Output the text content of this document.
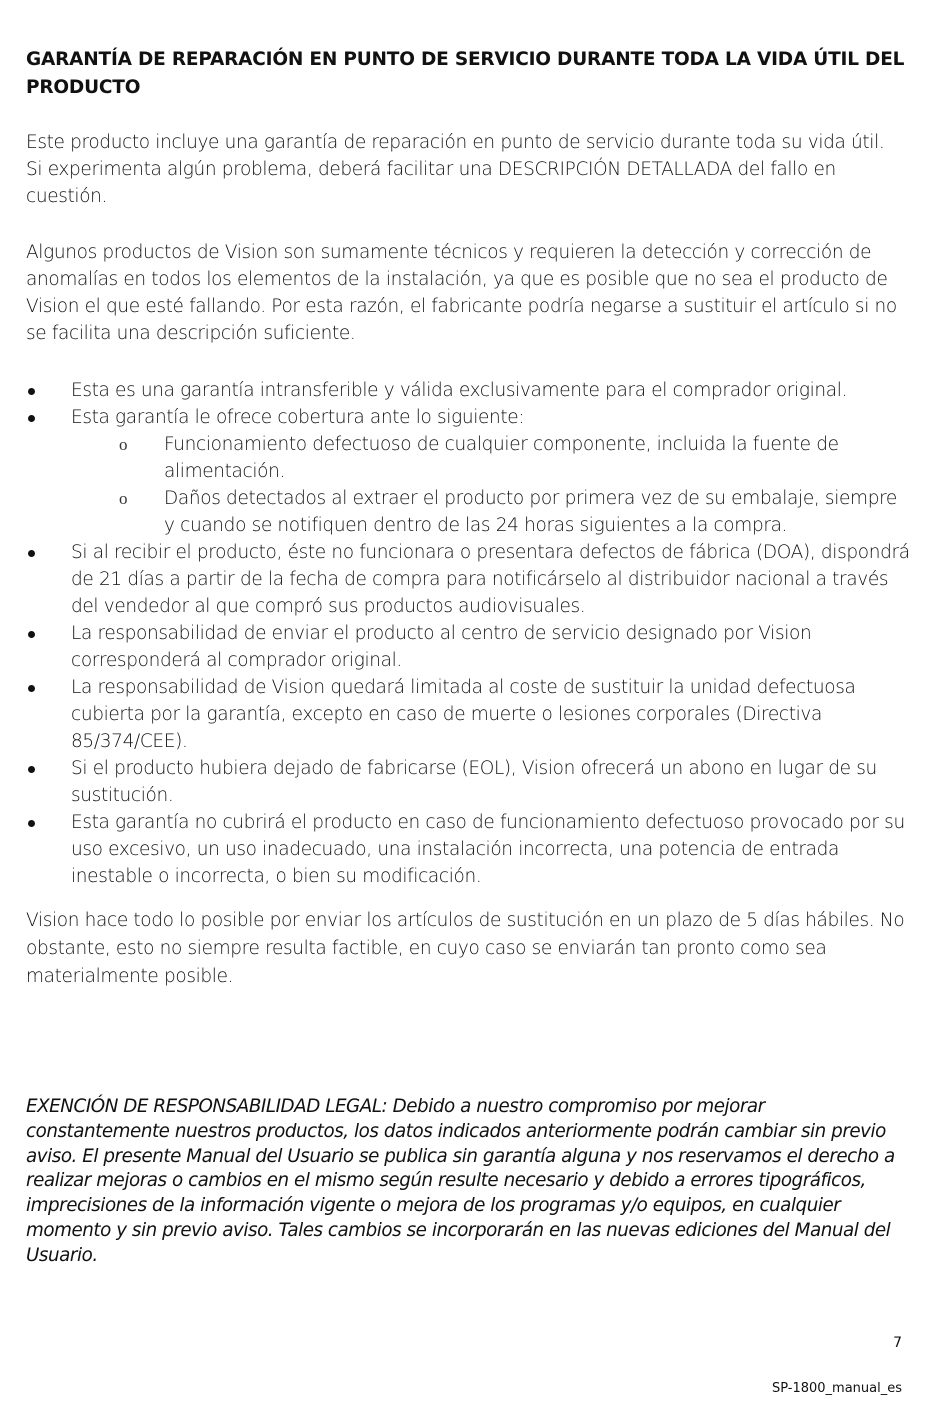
GARANTÍA DE REPARACIÓN EN PUNTO DE SERVICIO DURANTE TODA LA VIDA ÚTIL DEL PRODUCTO

Este producto incluye una garantía de reparación en punto de servicio durante toda su vida útil. Si experimenta algún problema, deberá facilitar una DESCRIPCIÓN DETALLADA del fallo en cuestión.

Algunos productos de Vision son sumamente técnicos y requieren la detección y corrección de anomalías en todos los elementos de la instalación, ya que es posible que no sea el producto de Vision el que esté fallando. Por esta razón, el fabricante podría negarse a sustituir el artículo si no se facilita una descripción suficiente.

Esta es una garantía intransferible y válida exclusivamente para el comprador original.
Esta garantía le ofrece cobertura ante lo siguiente:
o Funcionamiento defectuoso de cualquier componente, incluida la fuente de alimentación.
o Daños detectados al extraer el producto por primera vez de su embalaje, siempre y cuando se notifiquen dentro de las 24 horas siguientes a la compra.
Si al recibir el producto, éste no funcionara o presentara defectos de fábrica (DOA), dispondrá de 21 días a partir de la fecha de compra para notificárselo al distribuidor nacional a través del vendedor al que compró sus productos audiovisuales.
La responsabilidad de enviar el producto al centro de servicio designado por Vision corresponderá al comprador original.
La responsabilidad de Vision quedará limitada al coste de sustituir la unidad defectuosa cubierta por la garantía, excepto en caso de muerte o lesiones corporales (Directiva 85/374/CEE).
Si el producto hubiera dejado de fabricarse (EOL), Vision ofrecerá un abono en lugar de su sustitución.
Esta garantía no cubrirá el producto en caso de funcionamiento defectuoso provocado por su uso excesivo, un uso inadecuado, una instalación incorrecta, una potencia de entrada inestable o incorrecta, o bien su modificación.

Vision hace todo lo posible por enviar los artículos de sustitución en un plazo de 5 días hábiles. No obstante, esto no siempre resulta factible, en cuyo caso se enviarán tan pronto como sea materialmente posible.

EXENCIÓN DE RESPONSABILIDAD LEGAL: Debido a nuestro compromiso por mejorar constantemente nuestros productos, los datos indicados anteriormente podrán cambiar sin previo aviso. El presente Manual del Usuario se publica sin garantía alguna y nos reservamos el derecho a realizar mejoras o cambios en el mismo según resulte necesario y debido a errores tipográficos, imprecisiones de la información vigente o mejora de los programas y/o equipos, en cualquier momento y sin previo aviso. Tales cambios se incorporarán en las nuevas ediciones del Manual del Usuario.

7
SP-1800_manual_es
